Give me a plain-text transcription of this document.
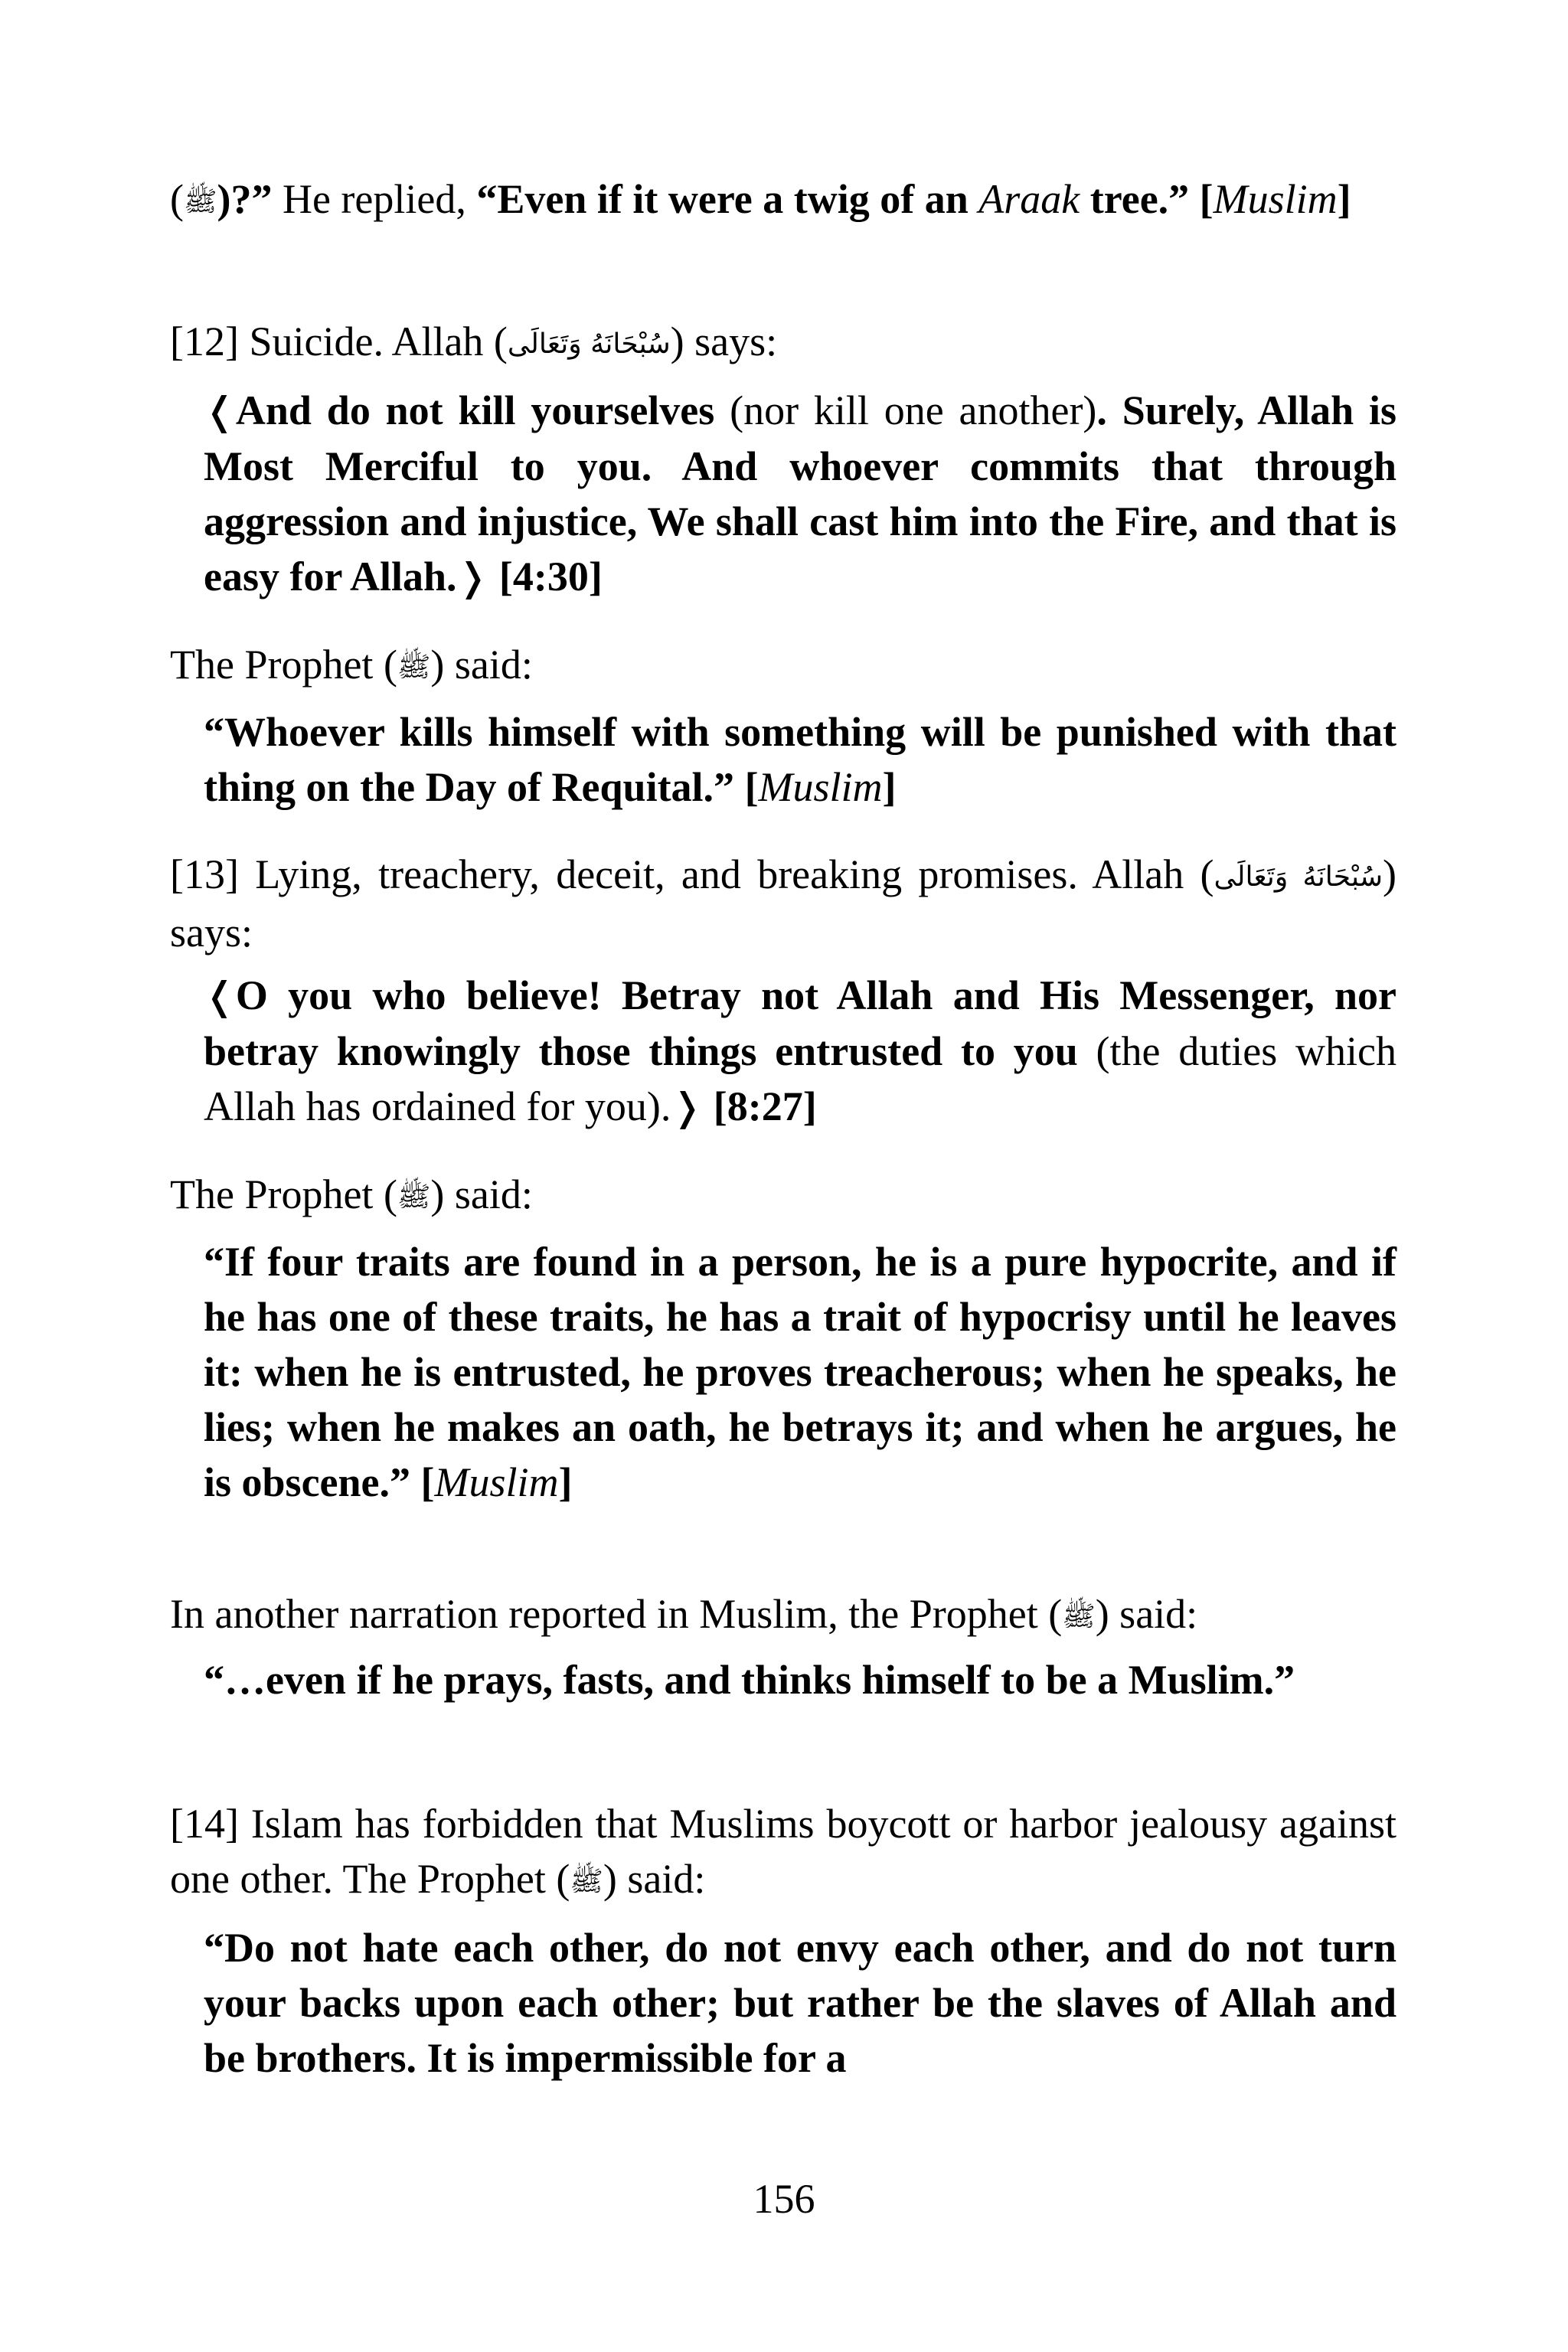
(ﷺ)?” He replied, “Even if it were a twig of an Araak tree.” [Muslim]

[12] Suicide. Allah (سُبْحَانَهُ وَتَعَالَى) says:

❬And do not kill yourselves (nor kill one another). Surely, Allah is Most Merciful to you. And whoever commits that through aggression and injustice, We shall cast him into the Fire, and that is easy for Allah.❭ [4:30]

The Prophet (ﷺ) said:

“Whoever kills himself with something will be punished with that thing on the Day of Requital.” [Muslim]

[13] Lying, treachery, deceit, and breaking promises. Allah (سُبْحَانَهُ وَتَعَالَى) says:

❬O you who believe! Betray not Allah and His Messenger, nor betray knowingly those things entrusted to you (the duties which Allah has ordained for you).❭ [8:27]

The Prophet (ﷺ) said:

“If four traits are found in a person, he is a pure hypocrite, and if he has one of these traits, he has a trait of hypocrisy until he leaves it: when he is entrusted, he proves treacherous; when he speaks, he lies; when he makes an oath, he betrays it; and when he argues, he is obscene.” [Muslim]

In another narration reported in Muslim, the Prophet (ﷺ) said:

“…even if he prays, fasts, and thinks himself to be a Muslim.”

[14] Islam has forbidden that Muslims boycott or harbor jealousy against one other. The Prophet (ﷺ) said:

“Do not hate each other, do not envy each other, and do not turn your backs upon each other; but rather be the slaves of Allah and be brothers. It is impermissible for a

156
